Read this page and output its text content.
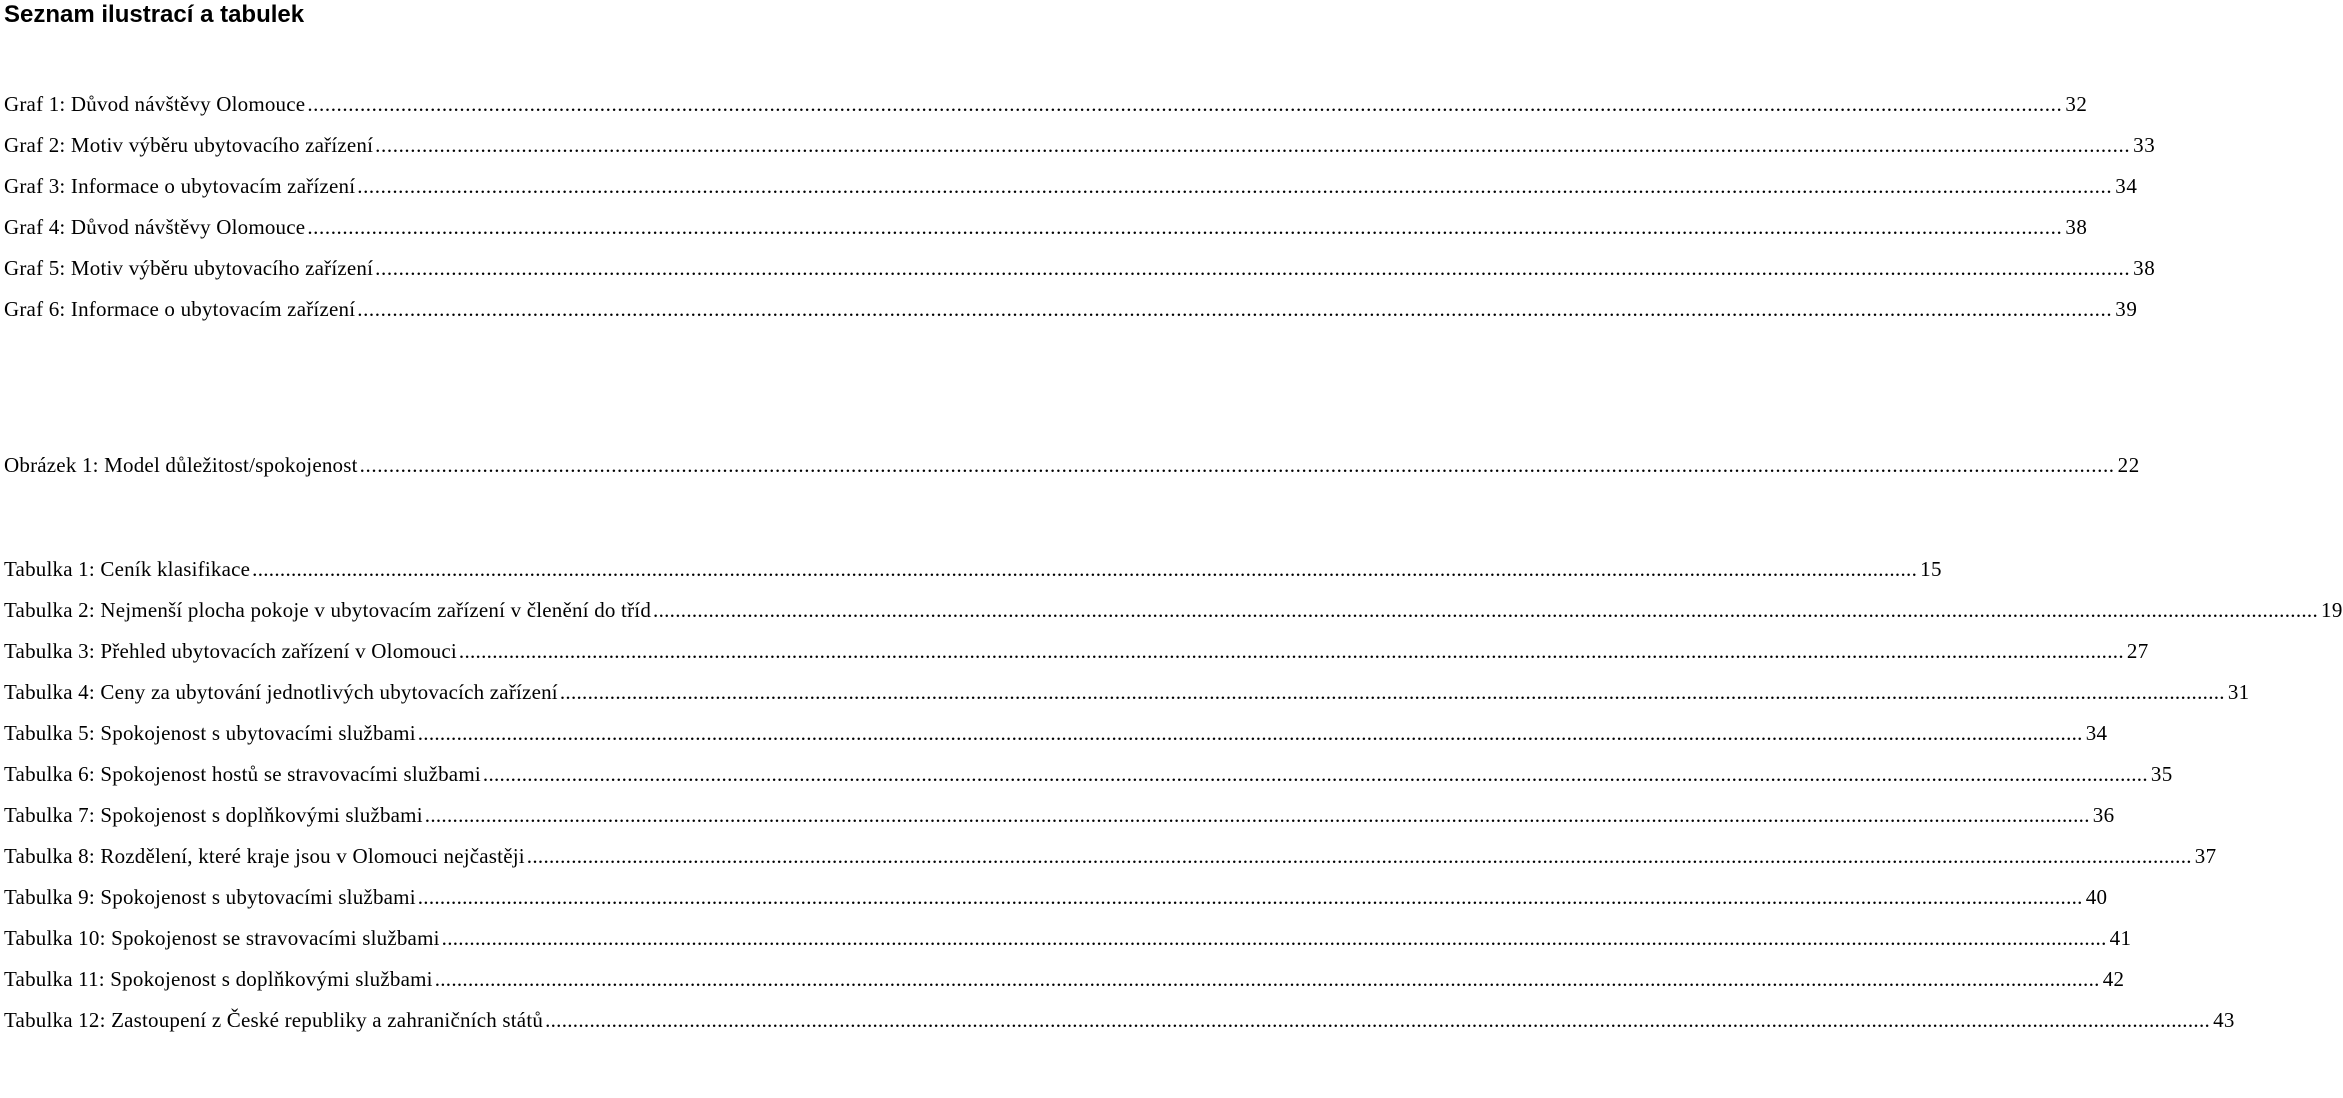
Seznam ilustrací a tabulek
Graf 1: Důvod návštěvy Olomouce ............................................................................................................................................................................................................................................................................................................ 32
Graf 2: Motiv výběru ubytovacího zařízení ............................................................................................................................................................................................................................................................................................................ 33
Graf 3: Informace o ubytovacím zařízení ............................................................................................................................................................................................................................................................................................................ 34
Graf 4: Důvod návštěvy Olomouce ............................................................................................................................................................................................................................................................................................................ 38
Graf 5: Motiv výběru ubytovacího zařízení ............................................................................................................................................................................................................................................................................................................ 38
Graf 6: Informace o ubytovacím zařízení ............................................................................................................................................................................................................................................................................................................ 39
Obrázek 1: Model důležitost/spokojenost ............................................................................................................................................................................................................................................................................................................ 22
Tabulka 1: Ceník klasifikace ............................................................................................................................................................................................................................................................................................................ 15
Tabulka 2: Nejmenší plocha pokoje v ubytovacím zařízení v členění do tříd ............................................................................................................................................................................................................................................................................................................ 19
Tabulka 3: Přehled ubytovacích zařízení v Olomouci ............................................................................................................................................................................................................................................................................................................ 27
Tabulka 4: Ceny za ubytování jednotlivých ubytovacích zařízení ............................................................................................................................................................................................................................................................................................................ 31
Tabulka 5: Spokojenost s ubytovacími službami ............................................................................................................................................................................................................................................................................................................ 34
Tabulka 6: Spokojenost hostů se stravovacími službami ............................................................................................................................................................................................................................................................................................................ 35
Tabulka 7: Spokojenost s doplňkovými službami ............................................................................................................................................................................................................................................................................................................ 36
Tabulka 8: Rozdělení, které kraje jsou v Olomouci nejčastěji ............................................................................................................................................................................................................................................................................................................ 37
Tabulka 9: Spokojenost s ubytovacími službami ............................................................................................................................................................................................................................................................................................................ 40
Tabulka 10: Spokojenost se stravovacími službami ............................................................................................................................................................................................................................................................................................................ 41
Tabulka 11: Spokojenost s doplňkovými službami ............................................................................................................................................................................................................................................................................................................ 42
Tabulka 12: Zastoupení z České republiky a zahraničních států ............................................................................................................................................................................................................................................................................................................ 43
